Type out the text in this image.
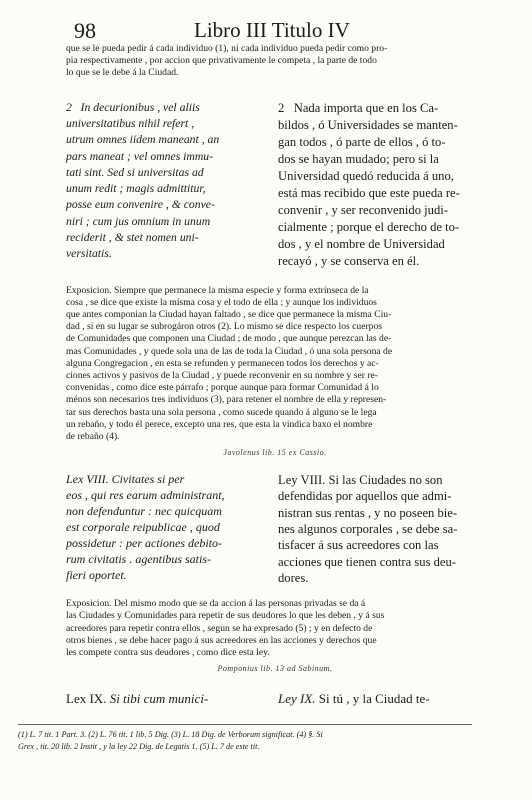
98	Libro III Titulo IV
que se le pueda pedir á cada individuo (1), ni cada individuo pueda pedir como pro-
pia respectivamente , por accion que privativamente le competa , la parte de todo
lo que se le debe á la Ciudad.
2   In decurionibus , vel aliis
universitatibus nihil refert ,
utrum omnes iidem maneant , an
pars maneat ; vel omnes immu-
tati sint. Sed si universitas ad
unum redit ; magis admittitur,
posse eum convenire , & conve-
niri ; cum jus omnium in unum
reciderit , & stet nomen uni-
versitatis.
2   Nada importa que en los Ca-
bildos , ó Universidades se manten-
gan todos , ó parte de ellos , ó to-
dos se hayan mudado; pero si la
Universidad quedó reducida á uno,
está mas recibido que este pueda re-
convenir , y ser reconvenido judi-
cialmente ; porque el derecho de to-
dos , y el nombre de Universidad
recayó , y se conserva en él.

Exposicion. Siempre que permanece la misma especie y forma extrínseca de la
cosa , se dice que existe la misma cosa y el todo de ella ; y aunque los individuos
que antes componian la Ciudad hayan faltado , se dice que permanece la misma Ciu-
dad , si en su lugar se subrogáron otros (2). Lo mismo se dice respecto los cuerpos
de Comunidades que componen una Ciudad ; de modo , que aunque perezcan las de-
mas Comunidades , y quede sola una de las de toda la Ciudad , ó una sola persona de
alguna Congregacion , en esta se refunden y permanecen todos los derechos y ac-
ciones activos y pasivos de la Ciudad , y puede reconvenir en su nombre y ser re-
convenidas , como dice este párrafo ; porque aunque para formar Comunidad á lo
ménos son necesarios tres individuos (3), para retener el nombre de ella y represen-
tar sus derechos basta una sola persona , como sucede quando á alguno se le lega
un rebaño, y todo él perece, excepto una res, que esta la vindica baxo el nombre
de rebaño (4).

Javolenus lib. 15 ex Cassio.

Lex VIII. Civitates si per
eos , qui res earum administrant,
non defenduntur : nec quicquam
est corporale reipublicae , quod
possidetur : per actiones debito-
rum civitatis . agentibus satis-
fieri oportet.
Ley VIII. Si las Ciudades no son
defendidas por aquellos que admi-
nistran sus rentas , y no poseen bie-
nes algunos corporales , se debe sa-
tisfacer á sus acreedores con las
acciones que tienen contra sus deu-
dores.

Exposicion. Del mismo modo que se da accion á las personas privadas se da á
las Ciudades y Comunidades para repetir de sus deudores lo que les deben , y á sus
acreedores para repetir contra ellos , segun se ha expresado (5) ; y en defecto de
otros bienes , se debe hacer pago á sus acreedores en las acciones y derechos que
les compete contra sus deudores , como dice esta ley.

Pomponius lib. 13 ad Sabinum.

Lex IX. Si tibi cum munici-	Ley IX. Si tú , y la Ciudad te-
(1) L. 7 tit. 1 Part. 3. (2) L. 76 tit. 1 lib. 5 Dig. (3) L. 18 Dig. de Verborum significat. (4) §. Si
Grex , tit. 20 lib. 2 Instit , y la ley 22 Dig. de Legatis 1. (5) L. 7 de este tit.
